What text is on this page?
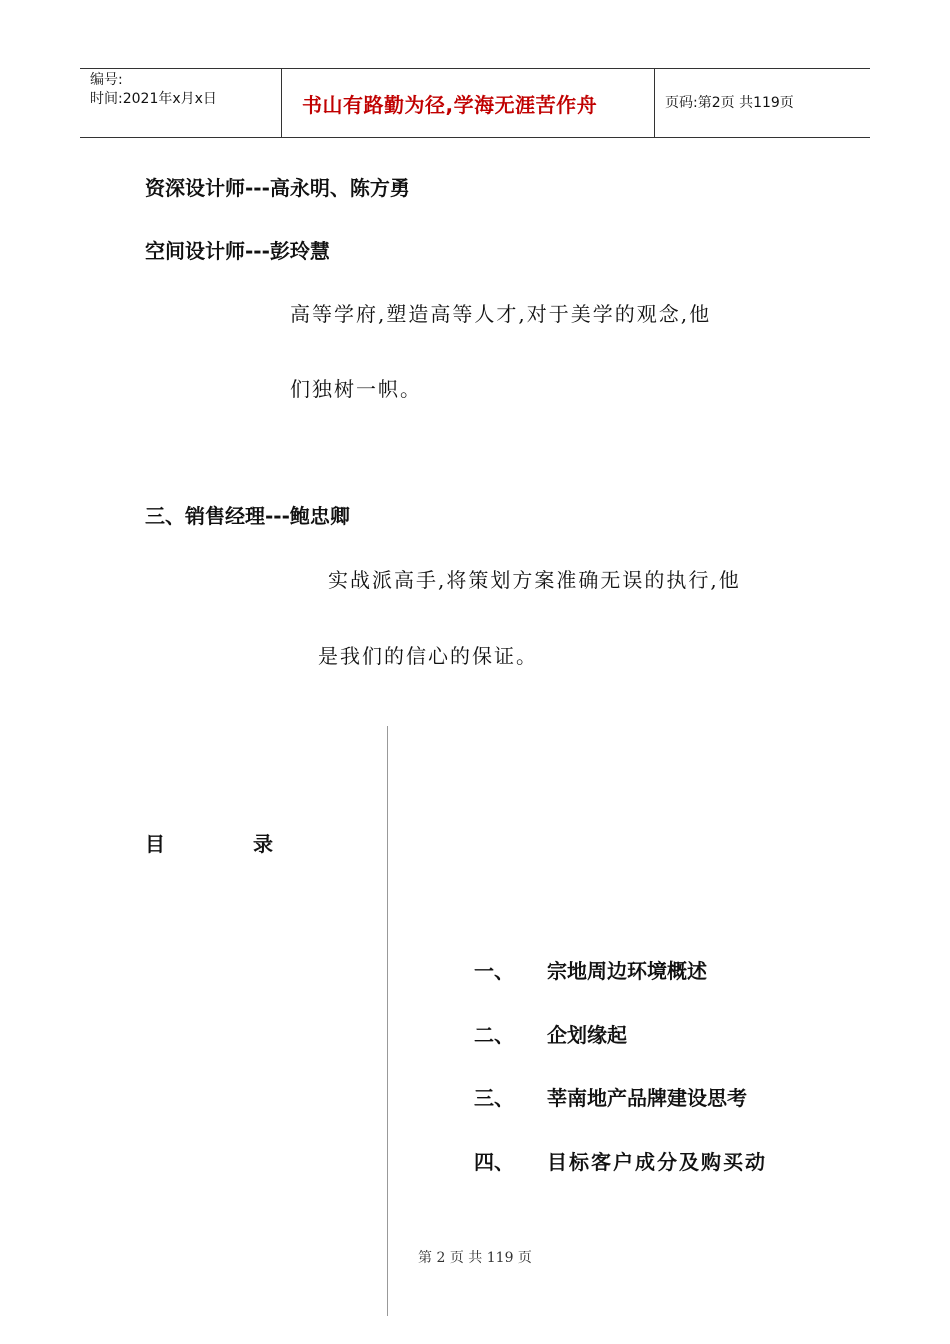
编号:
时间:2021年x月x日	书山有路勤为径,学海无涯苦作舟	页码:第2页 共119页
资深设计师---高永明、陈方勇
空间设计师---彭玲慧
高等学府,塑造高等人才,对于美学的观念,他
们独树一帜。
三、销售经理---鲍忠卿
实战派高手,将策划方案准确无误的执行,他
是我们的信心的保证。
目	录
一、 宗地周边环境概述
二、 企划缘起
三、 莘南地产品牌建设思考
四、 目标客户成分及购买动
第 2 页 共 119 页
